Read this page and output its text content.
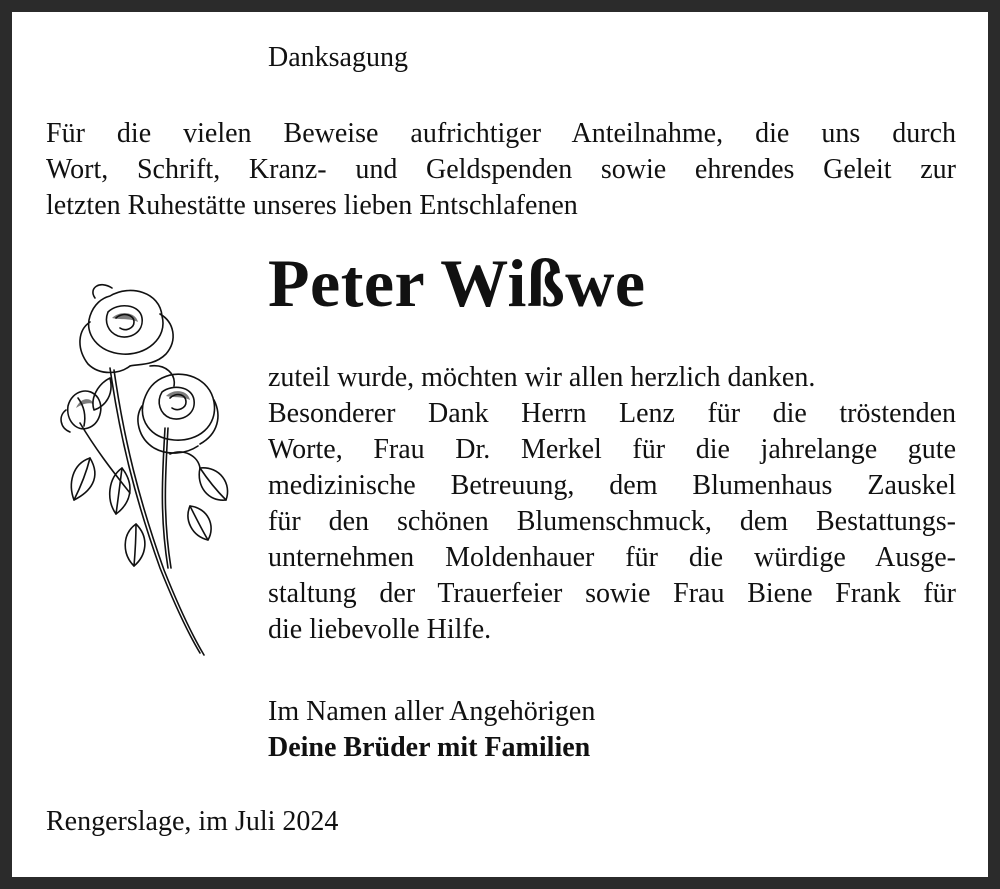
Danksagung
Für die vielen Beweise aufrichtiger Anteilnahme, die uns durch
Wort, Schrift, Kranz- und Geldspenden sowie ehrendes Geleit zur
letzten Ruhestätte unseres lieben Entschlafenen
Peter Wißwe
zuteil wurde, möchten wir allen herzlich danken.
Besonderer Dank Herrn Lenz für die tröstenden
Worte, Frau Dr. Merkel für die jahrelange gute
medizinische Betreuung, dem Blumenhaus Zauskel
für den schönen Blumenschmuck, dem Bestattungs-
unternehmen Moldenhauer für die würdige Ausge-
staltung der Trauerfeier sowie Frau Biene Frank für
die liebevolle Hilfe.
Im Namen aller Angehörigen
Deine Brüder mit Familien
Rengerslage, im Juli 2024
